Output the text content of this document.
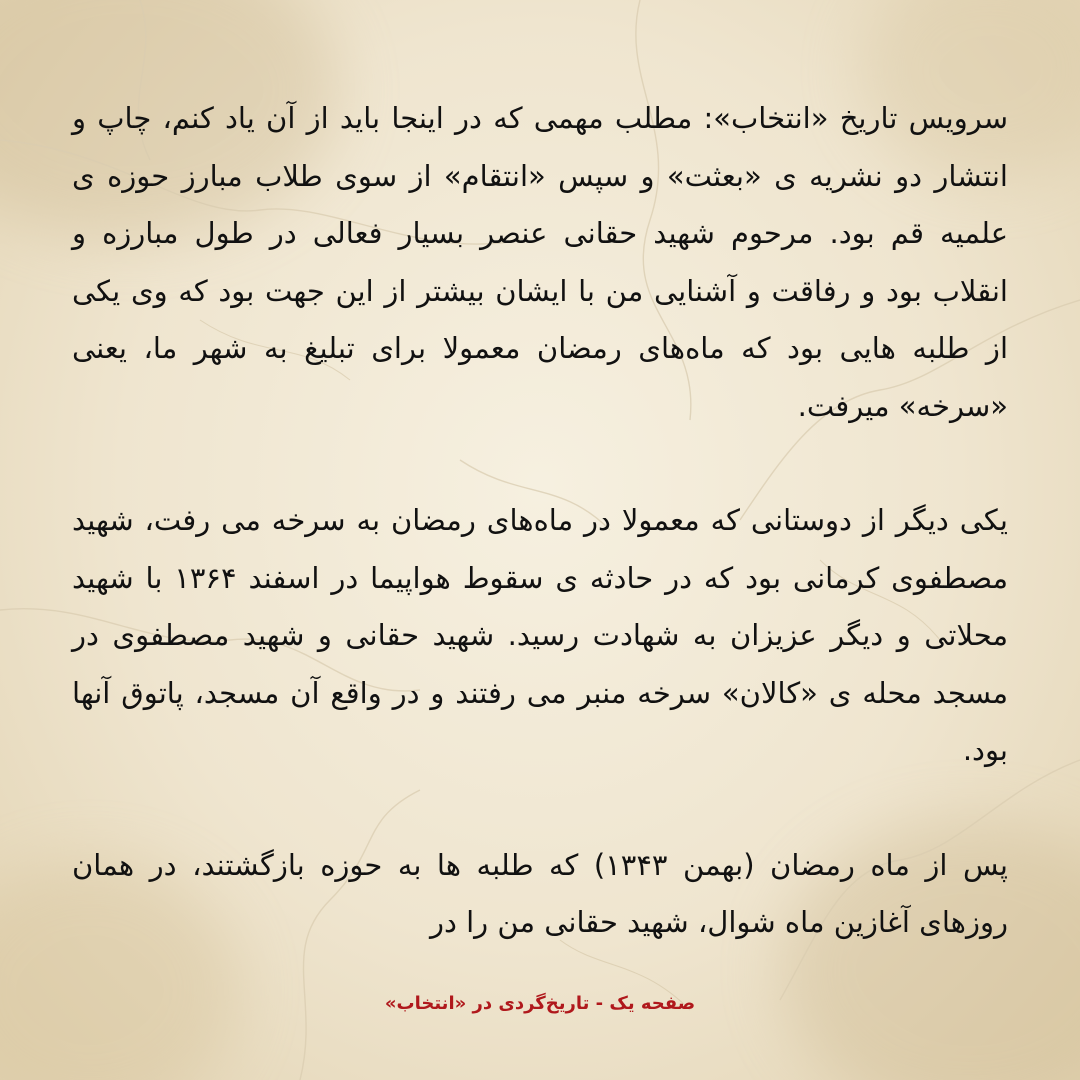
سرویس تاریخ «انتخاب»: مطلب مهمی که در اینجا باید از آن یاد کنم، چاپ و انتشار دو نشریه ی «بعثت» و سپس «انتقام» از سوی طلاب مبارز حوزه ی علمیه قم بود. مرحوم شهید حقانی عنصر بسیار فعالی در طول مبارزه و انقلاب بود و رفاقت و آشنایی من با ایشان بیشتر از این جهت بود که وی یکی از طلبه هایی بود که ماه‌های رمضان معمولا برای تبلیغ به شهر ما، یعنی «سرخه» میرفت.

یکی دیگر از دوستانی که معمولا در ماه‌های رمضان به سرخه می رفت، شهید مصطفوی کرمانی بود که در حادثه ی سقوط هواپیما در اسفند ۱۳۶۴ با شهید محلاتی و دیگر عزیزان به شهادت رسید. شهید حقانی و شهید مصطفوی در مسجد محله ی «کالان» سرخه منبر می رفتند و در واقع آن مسجد، پاتوق آنها بود.

پس از ماه رمضان (بهمن ۱۳۴۳) که طلبه ها به حوزه بازگشتند، در همان روزهای آغازین ماه شوال، شهید حقانی من را در

صفحه یک - تاریخ‌گردی در «انتخاب»
